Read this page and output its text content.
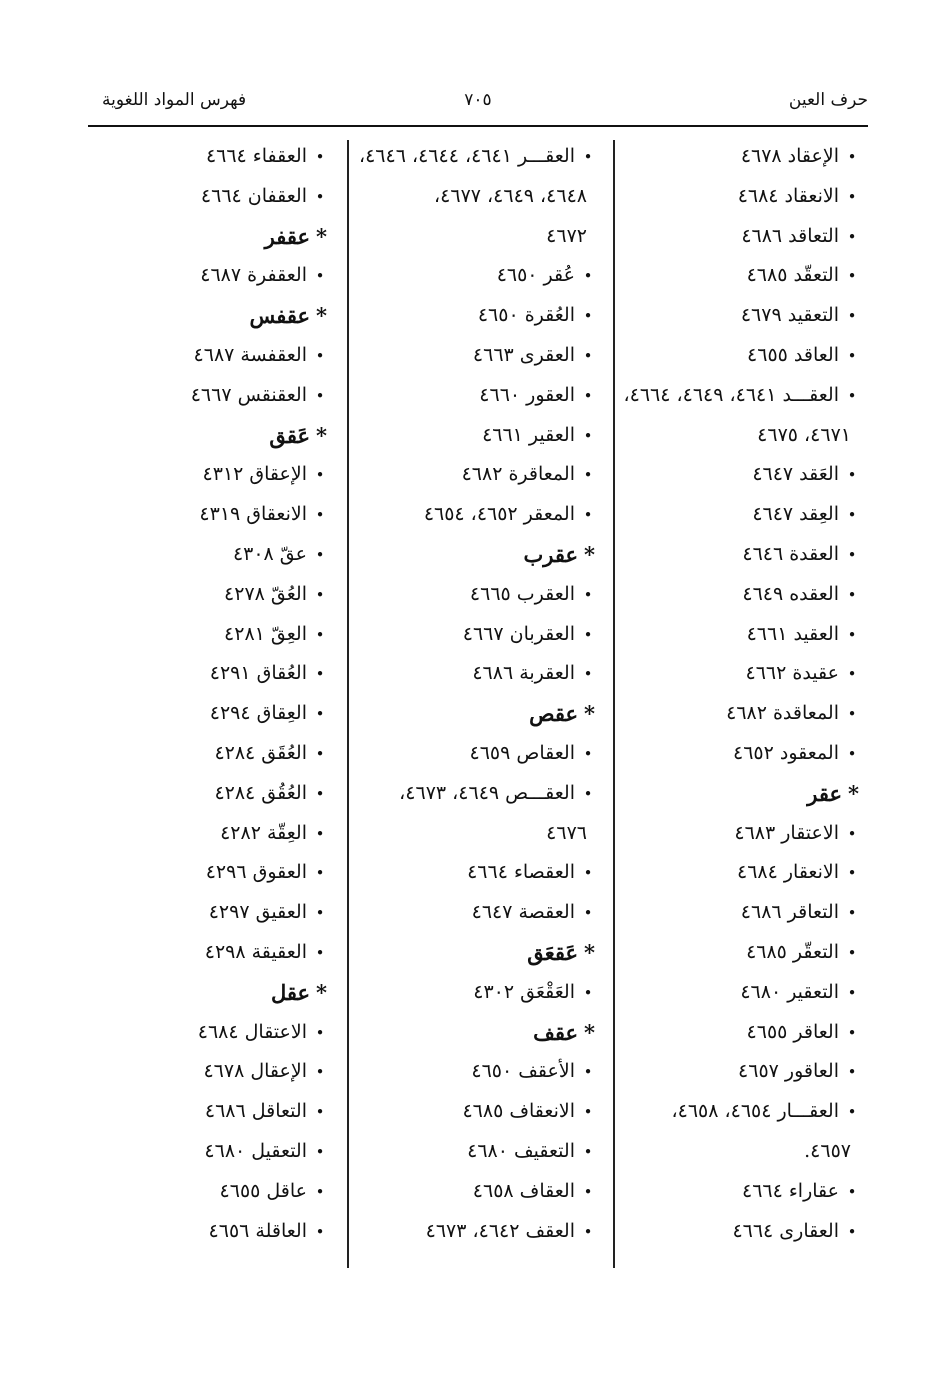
حرف العين
٧٠٥
فهرس المواد اللغوية
•الإعقاد ٤٦٧٨
•الانعقاد ٤٦٨٤
•التعاقد ٤٦٨٦
•التعقّد ٤٦٨٥
•التعقيد ٤٦٧٩
•العاقد ٤٦٥٥
•العقـــد ٤٦٤١، ٤٦٤٩، ٤٦٦٤،
٤٦٧١، ٤٦٧٥
•العَقد ٤٦٤٧
•العِقد ٤٦٤٧
•العقدة ٤٦٤٦
•العقده ٤٦٤٩
•العقيد ٤٦٦١
•عقيدة ٤٦٦٢
•المعاقدة ٤٦٨٢
•المعقود ٤٦٥٢
*عقر
•الاعتقار ٤٦٨٣
•الانعقار ٤٦٨٤
•التعاقر ٤٦٨٦
•التعقّر ٤٦٨٥
•التعقير ٤٦٨٠
•العاقر ٤٦٥٥
•العاقور ٤٦٥٧
•العقـــار ٤٦٥٤، ٤٦٥٨،
٤٦٥٧.
•عقاراء ٤٦٦٤
•العقارى ٤٦٦٤
•العقـــر ٤٦٤١، ٤٦٤٤، ٤٦٤٦،
٤٦٤٨، ٤٦٤٩، ٤٦٧٧،
٤٦٧٢
•عُقر ٤٦٥٠
•العُقرة ٤٦٥٠
•العقرى ٤٦٦٣
•العقور ٤٦٦٠
•العقير ٤٦٦١
•المعاقرة ٤٦٨٢
•المعقر ٤٦٥٢، ٤٦٥٤
*عقرب
•العقرب ٤٦٦٥
•العقربان ٤٦٦٧
•العقربة ٤٦٨٦
*عقص
•العقاص ٤٦٥٩
•العقـــص ٤٦٤٩، ٤٦٧٣،
٤٦٧٦
•العقصاء ٤٦٦٤
•العقصة ٤٦٤٧
*عَقعَق
•العَقْعَق ٤٣٠٢
*عقف
•الأعقف ٤٦٥٠
•الانعقاف ٤٦٨٥
•التعقيف ٤٦٨٠
•العقاف ٤٦٥٨
•العقف ٤٦٤٢، ٤٦٧٣
•العقفاء ٤٦٦٤
•العقفان ٤٦٦٤
*عقفر
•العقفرة ٤٦٨٧
*عقفس
•العقفسة ٤٦٨٧
•العقنقس ٤٦٦٧
*عَقق
•الإعقاق ٤٣١٢
•الانعقاق ٤٣١٩
•عقّ ٤٣٠٨
•العُقّ ٤٢٧٨
•العِقّ ٤٢٨١
•العُقاق ٤٢٩١
•العِقاق ٤٢٩٤
•العُقَق ٤٢٨٤
•العُقُق ٤٢٨٤
•العِقّة ٤٢٨٢
•العقوق ٤٢٩٦
•العقيق ٤٢٩٧
•العقيقة ٤٢٩٨
*عقل
•الاعتقال ٤٦٨٤
•الإعقال ٤٦٧٨
•التعاقل ٤٦٨٦
•التعقيل ٤٦٨٠
•عاقل ٤٦٥٥
•العاقلة ٤٦٥٦
